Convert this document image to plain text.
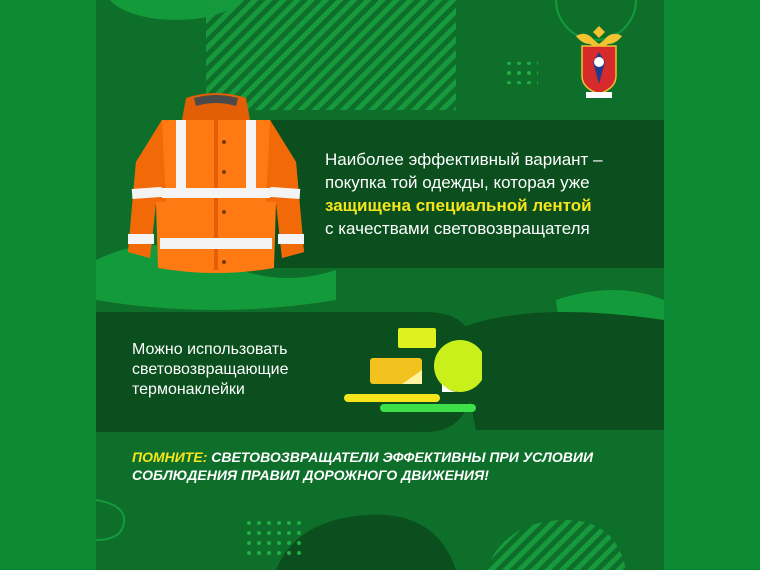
Наиболее эффективный вариант –
покупка той одежды, которая уже
защищена специальной лентой
с качествами световозвращателя

Можно использовать
световозвращающие
термонаклейки

ПОМНИТЕ: СВЕТОВОЗВРАЩАТЕЛИ ЭФФЕКТИВНЫ ПРИ УСЛОВИИ
СОБЛЮДЕНИЯ ПРАВИЛ ДОРОЖНОГО ДВИЖЕНИЯ!
